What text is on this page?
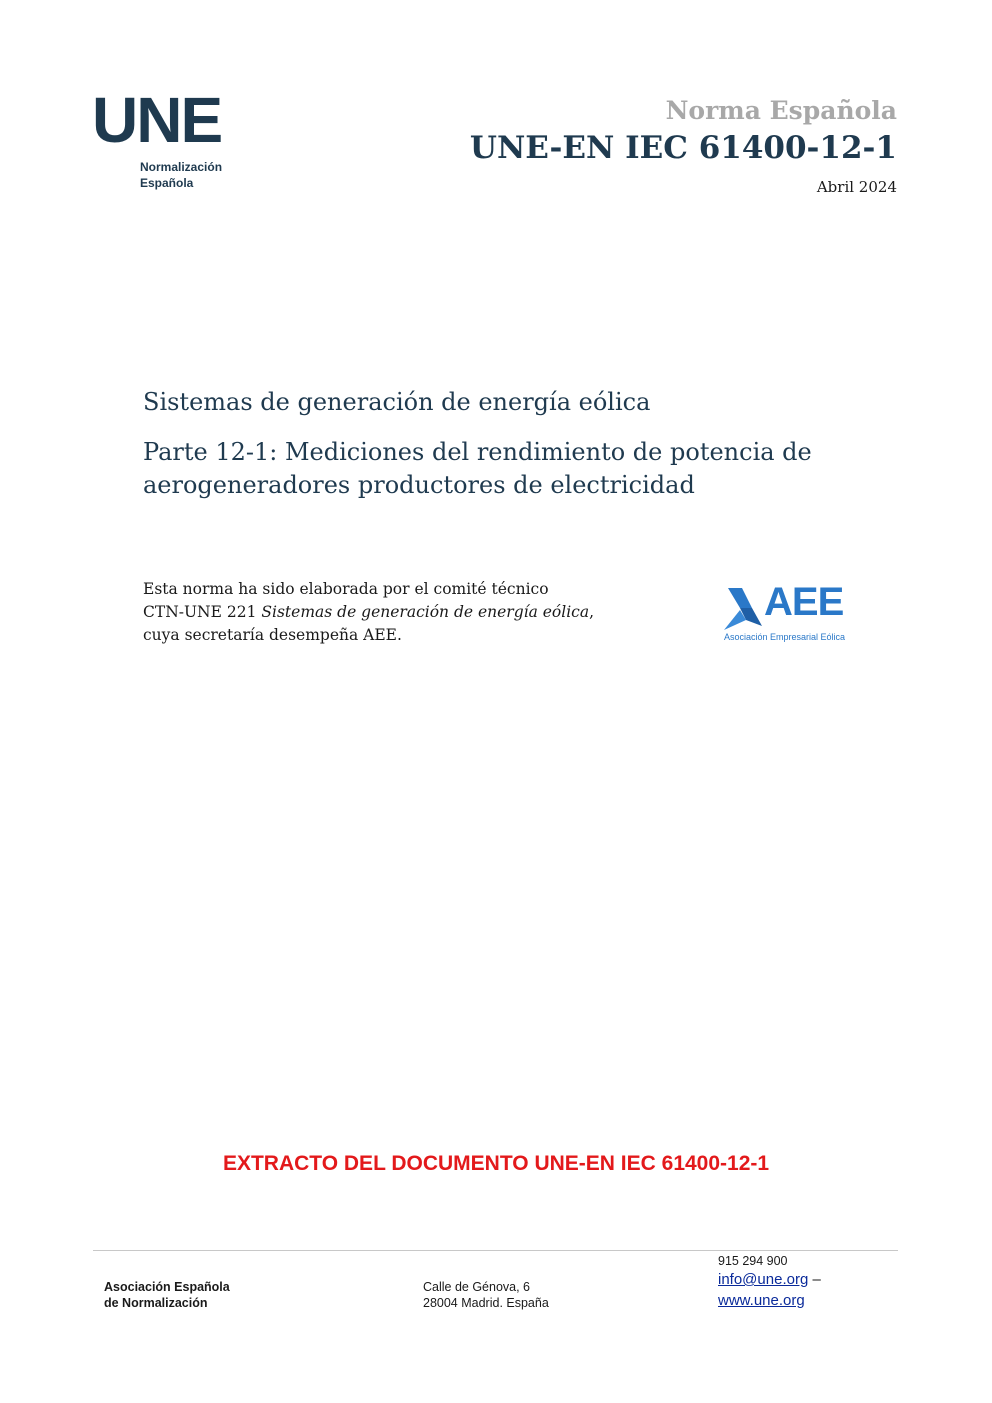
UNE
Normalización
Española
Norma Española
UNE-EN IEC 61400-12-1
Abril 2024
Sistemas de generación de energía eólica
Parte 12-1: Mediciones del rendimiento de potencia de
aerogeneradores productores de electricidad
Esta norma ha sido elaborada por el comité técnico
CTN-UNE 221 Sistemas de generación de energía eólica,
cuya secretaría desempeña AEE.
AEE
Asociación Empresarial Eólica
EXTRACTO DEL DOCUMENTO UNE-EN IEC 61400-12-1
Asociación Española
de Normalización
Calle de Génova, 6
28004 Madrid. España
915 294 900
info@une.org –
www.une.org
